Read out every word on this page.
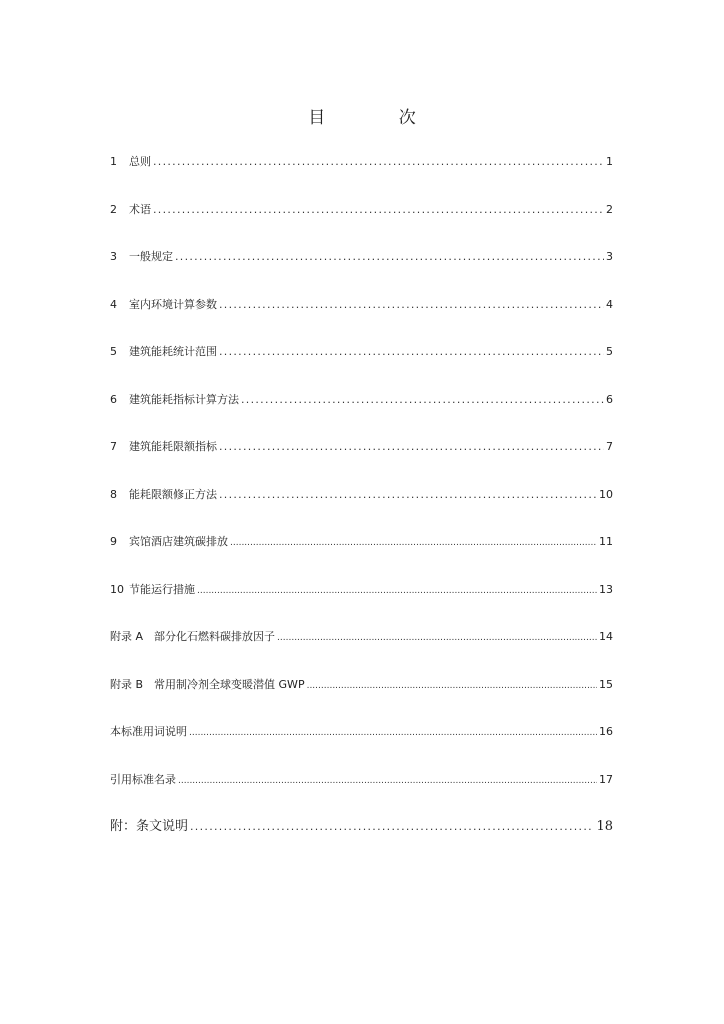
目 次
1 总则 .....	1
2 术语 .....	2
3 一般规定 .....	3
4 室内环境计算参数 .....	4
5 建筑能耗统计范围 .....	5
6 建筑能耗指标计算方法 .....	6
7 建筑能耗限额指标 .....	7
8 能耗限额修正方法 .....	10
9 宾馆酒店建筑碳排放 .....	11
10 节能运行措施 .....	13
附录 A　部分化石燃料碳排放因子 .....	14
附录 B　常用制冷剂全球变暖潜值 GWP .....	15
本标准用词说明 .....	16
引用标准名录 .....	17
附：条文说明 .....	18
